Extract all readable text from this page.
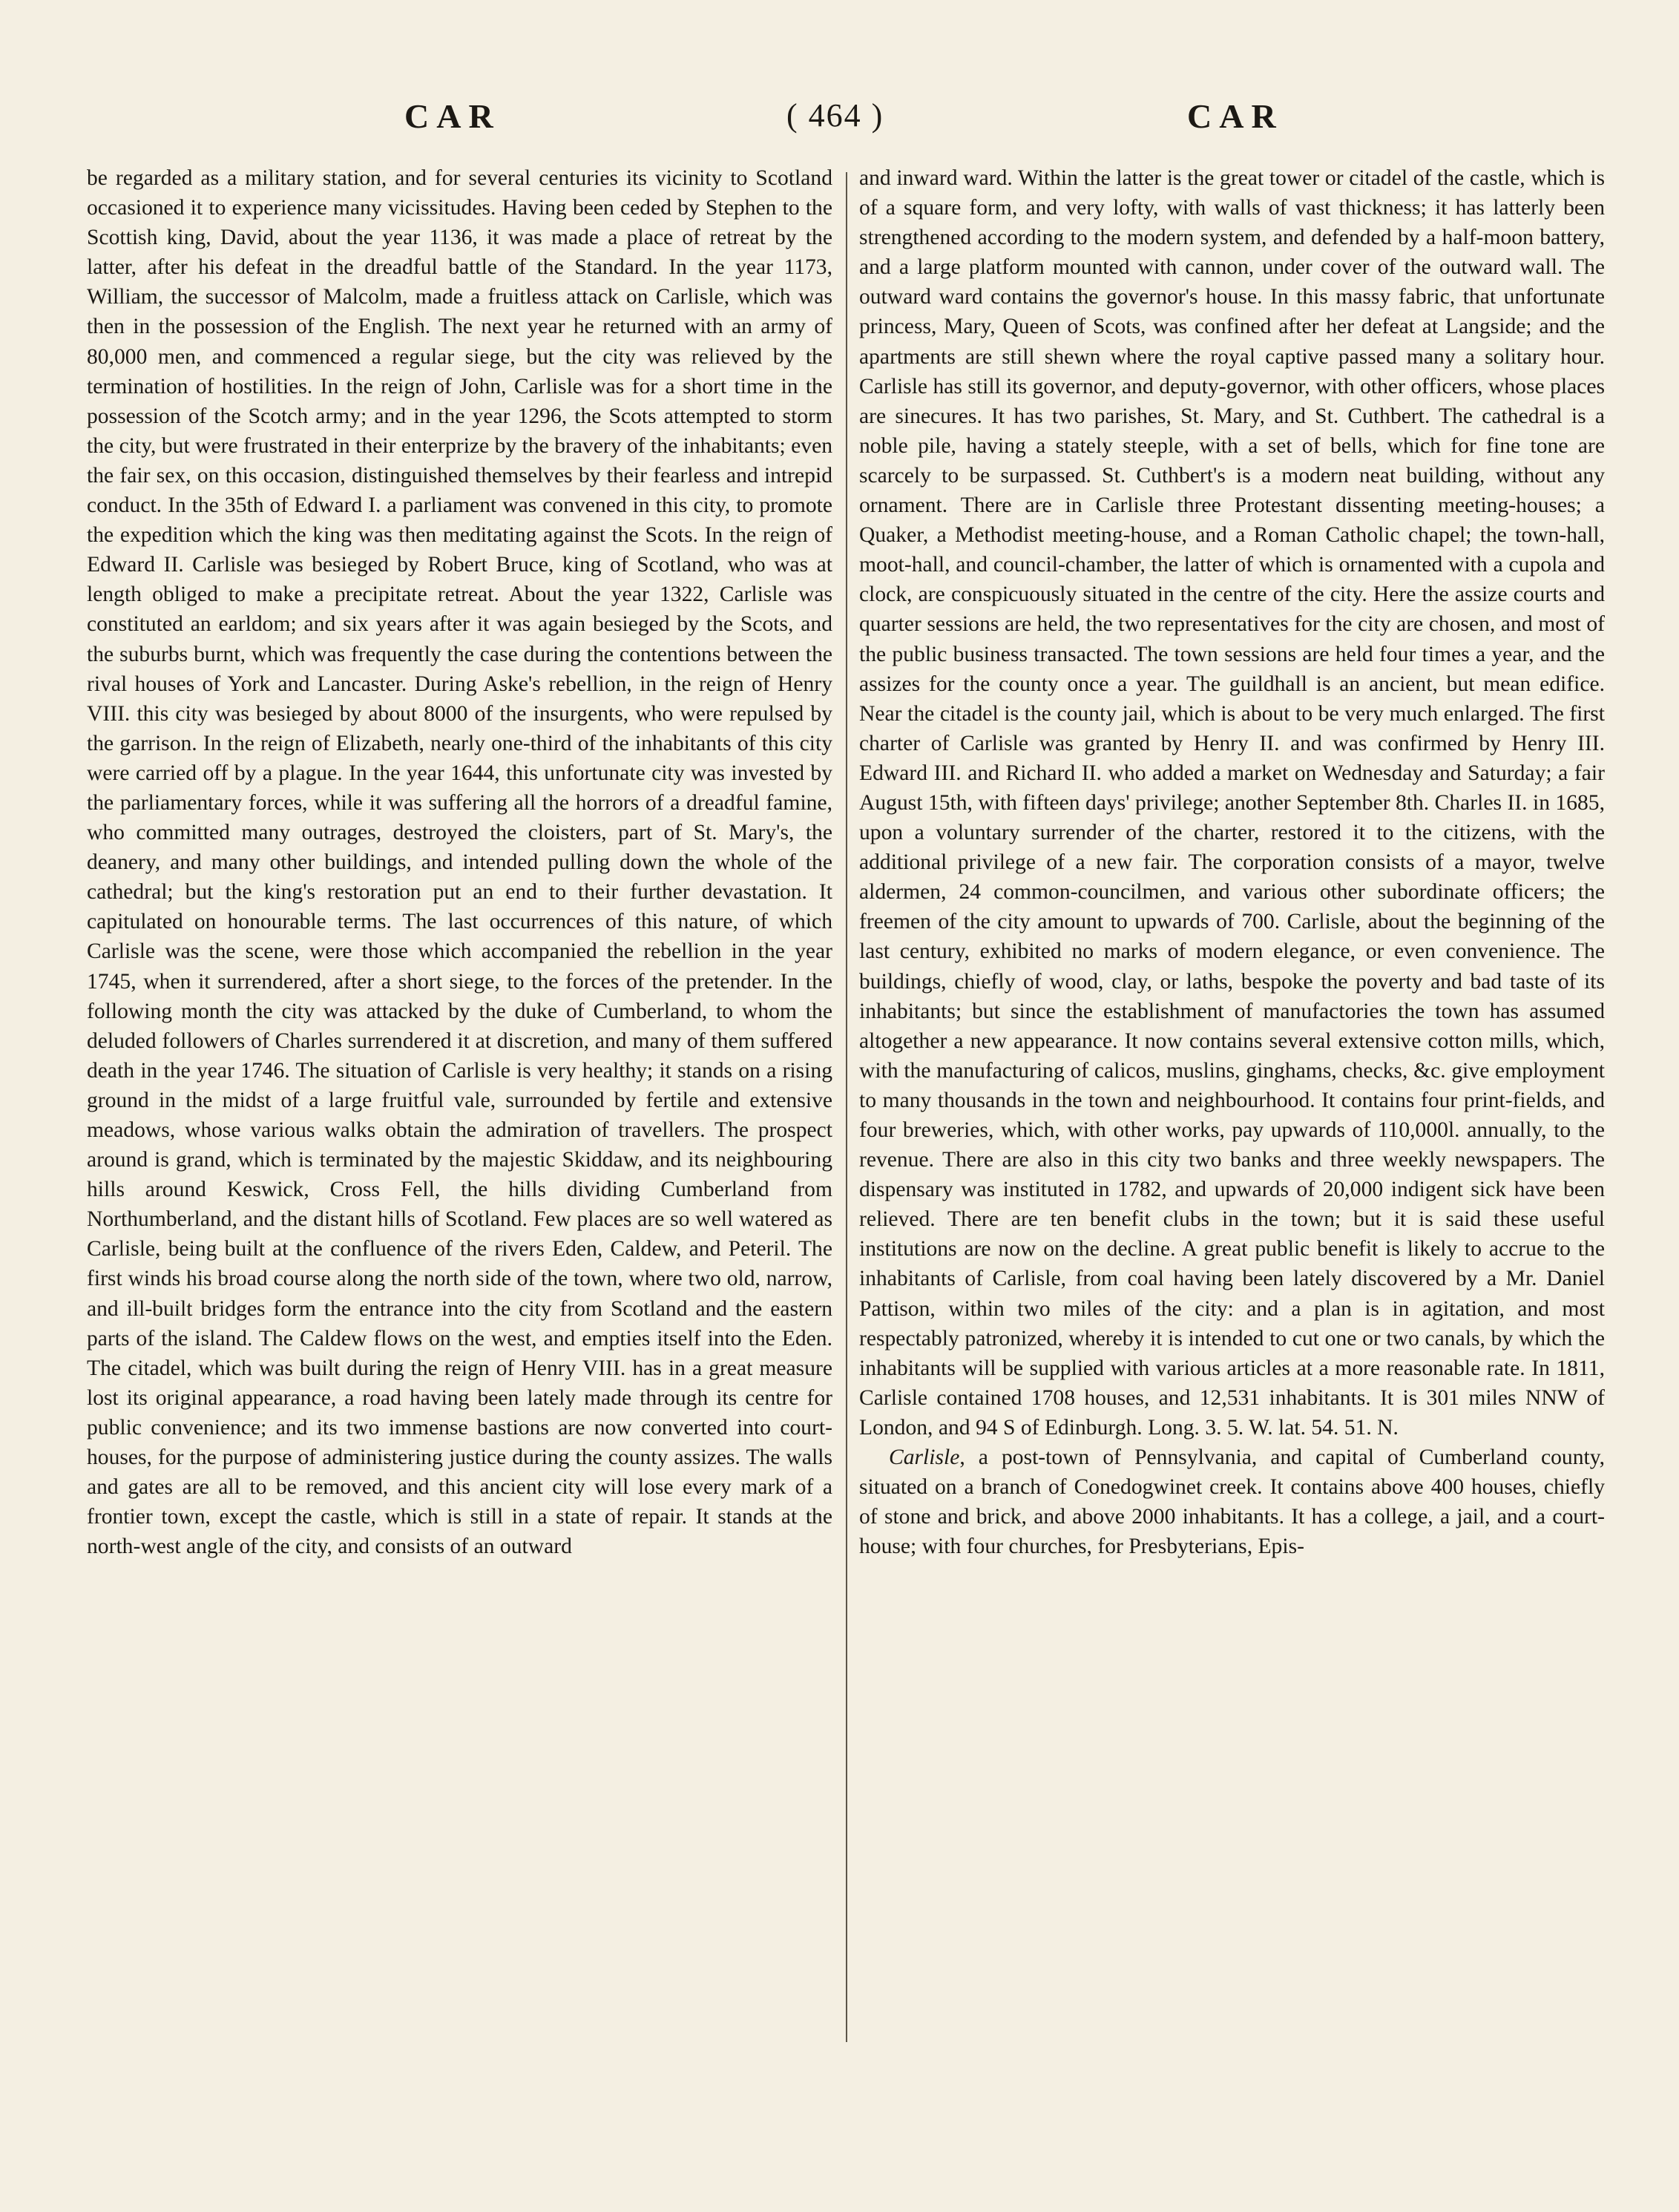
CAR	( 464 )	CAR

be regarded as a military station, and for several centuries its vicinity to Scotland occasioned it to experience many vicissitudes. Having been ceded by Stephen to the Scottish king, David, about the year 1136, it was made a place of retreat by the latter, after his defeat in the dreadful battle of the Standard. In the year 1173, William, the successor of Malcolm, made a fruitless attack on Carlisle, which was then in the possession of the English. The next year he returned with an army of 80,000 men, and commenced a regular siege, but the city was relieved by the termination of hostilities. In the reign of John, Carlisle was for a short time in the possession of the Scotch army; and in the year 1296, the Scots attempted to storm the city, but were frustrated in their enterprize by the bravery of the inhabitants; even the fair sex, on this occasion, distinguished themselves by their fearless and intrepid conduct. In the 35th of Edward I. a parliament was convened in this city, to promote the expedition which the king was then meditating against the Scots. In the reign of Edward II. Carlisle was besieged by Robert Bruce, king of Scotland, who was at length obliged to make a precipitate retreat. About the year 1322, Carlisle was constituted an earldom; and six years after it was again besieged by the Scots, and the suburbs burnt, which was frequently the case during the contentions between the rival houses of York and Lancaster. During Aske's rebellion, in the reign of Henry VIII. this city was besieged by about 8000 of the insurgents, who were repulsed by the garrison. In the reign of Elizabeth, nearly one-third of the inhabitants of this city were carried off by a plague. In the year 1644, this unfortunate city was invested by the parliamentary forces, while it was suffering all the horrors of a dreadful famine, who committed many outrages, destroyed the cloisters, part of St. Mary's, the deanery, and many other buildings, and intended pulling down the whole of the cathedral; but the king's restoration put an end to their further devastation. It capitulated on honourable terms. The last occurrences of this nature, of which Carlisle was the scene, were those which accompanied the rebellion in the year 1745, when it surrendered, after a short siege, to the forces of the pretender. In the following month the city was attacked by the duke of Cumberland, to whom the deluded followers of Charles surrendered it at discretion, and many of them suffered death in the year 1746. The situation of Carlisle is very healthy; it stands on a rising ground in the midst of a large fruitful vale, surrounded by fertile and extensive meadows, whose various walks obtain the admiration of travellers. The prospect around is grand, which is terminated by the majestic Skiddaw, and its neighbouring hills around Keswick, Cross Fell, the hills dividing Cumberland from Northumberland, and the distant hills of Scotland. Few places are so well watered as Carlisle, being built at the confluence of the rivers Eden, Caldew, and Peteril. The first winds his broad course along the north side of the town, where two old, narrow, and ill-built bridges form the entrance into the city from Scotland and the eastern parts of the island. The Caldew flows on the west, and empties itself into the Eden. The citadel, which was built during the reign of Henry VIII. has in a great measure lost its original appearance, a road having been lately made through its centre for public convenience; and its two immense bastions are now converted into court-houses, for the purpose of administering justice during the county assizes. The walls and gates are all to be removed, and this ancient city will lose every mark of a frontier town, except the castle, which is still in a state of repair. It stands at the north-west angle of the city, and consists of an outward

and inward ward. Within the latter is the great tower or citadel of the castle, which is of a square form, and very lofty, with walls of vast thickness; it has latterly been strengthened according to the modern system, and defended by a half-moon battery, and a large platform mounted with cannon, under cover of the outward wall. The outward ward contains the governor's house. In this massy fabric, that unfortunate princess, Mary, Queen of Scots, was confined after her defeat at Langside; and the apartments are still shewn where the royal captive passed many a solitary hour. Carlisle has still its governor, and deputy-governor, with other officers, whose places are sinecures. It has two parishes, St. Mary, and St. Cuthbert. The cathedral is a noble pile, having a stately steeple, with a set of bells, which for fine tone are scarcely to be surpassed. St. Cuthbert's is a modern neat building, without any ornament. There are in Carlisle three Protestant dissenting meeting-houses; a Quaker, a Methodist meeting-house, and a Roman Catholic chapel; the town-hall, moot-hall, and council-chamber, the latter of which is ornamented with a cupola and clock, are conspicuously situated in the centre of the city. Here the assize courts and quarter sessions are held, the two representatives for the city are chosen, and most of the public business transacted. The town sessions are held four times a year, and the assizes for the county once a year. The guildhall is an ancient, but mean edifice. Near the citadel is the county jail, which is about to be very much enlarged. The first charter of Carlisle was granted by Henry II. and was confirmed by Henry III. Edward III. and Richard II. who added a market on Wednesday and Saturday; a fair August 15th, with fifteen days' privilege; another September 8th. Charles II. in 1685, upon a voluntary surrender of the charter, restored it to the citizens, with the additional privilege of a new fair. The corporation consists of a mayor, twelve aldermen, 24 common-councilmen, and various other subordinate officers; the freemen of the city amount to upwards of 700. Carlisle, about the beginning of the last century, exhibited no marks of modern elegance, or even convenience. The buildings, chiefly of wood, clay, or laths, bespoke the poverty and bad taste of its inhabitants; but since the establishment of manufactories the town has assumed altogether a new appearance. It now contains several extensive cotton mills, which, with the manufacturing of calicos, muslins, ginghams, checks, &c. give employment to many thousands in the town and neighbourhood. It contains four print-fields, and four breweries, which, with other works, pay upwards of 110,000l. annually, to the revenue. There are also in this city two banks and three weekly newspapers. The dispensary was instituted in 1782, and upwards of 20,000 indigent sick have been relieved. There are ten benefit clubs in the town; but it is said these useful institutions are now on the decline. A great public benefit is likely to accrue to the inhabitants of Carlisle, from coal having been lately discovered by a Mr. Daniel Pattison, within two miles of the city: and a plan is in agitation, and most respectably patronized, whereby it is intended to cut one or two canals, by which the inhabitants will be supplied with various articles at a more reasonable rate. In 1811, Carlisle contained 1708 houses, and 12,531 inhabitants. It is 301 miles NNW of London, and 94 S of Edinburgh. Long. 3. 5. W. lat. 54. 51. N.

Carlisle, a post-town of Pennsylvania, and capital of Cumberland county, situated on a branch of Conedogwinet creek. It contains above 400 houses, chiefly of stone and brick, and above 2000 inhabitants. It has a college, a jail, and a court-house; with four churches, for Presbyterians, Epis-
